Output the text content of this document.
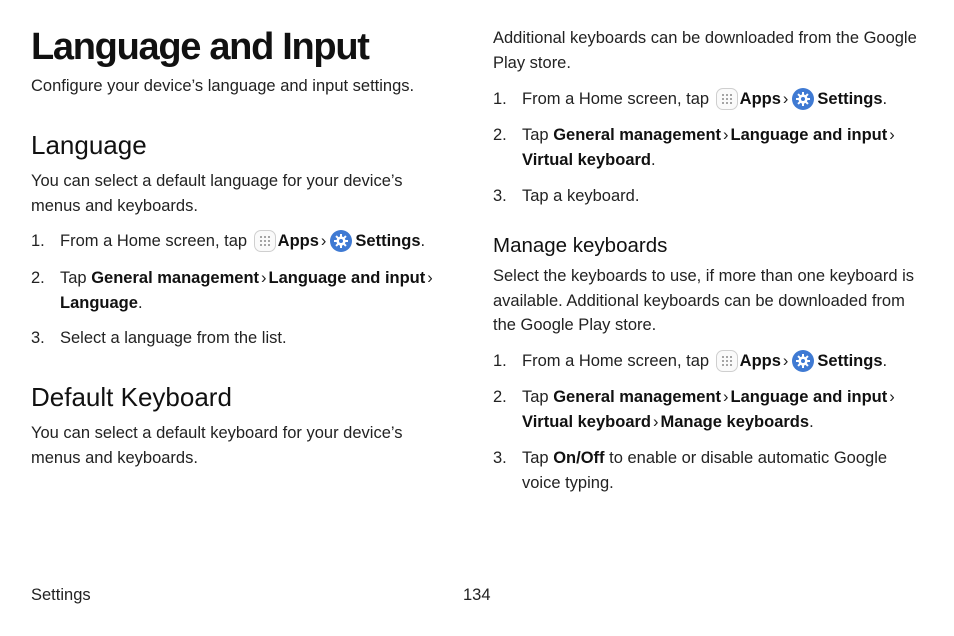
Language and Input

Configure your device’s language and input settings.

Language

You can select a default language for your device’s menus and keyboards.

1. From a Home screen, tap Apps › Settings.
2. Tap General management › Language and input ›
Language.
3. Select a language from the list.
Default Keyboard

You can select a default keyboard for your device’s menus and keyboards.

Additional keyboards can be downloaded from the Google Play store.

1. From a Home screen, tap Apps › Settings.
2. Tap General management › Language and input ›
Virtual keyboard.
3. Tap a keyboard.
Manage keyboards

Select the keyboards to use, if more than one keyboard is available. Additional keyboards can be downloaded from the Google Play store.

1. From a Home screen, tap Apps › Settings.
2. Tap General management › Language and input ›
Virtual keyboard › Manage keyboards.
3. Tap On/Off to enable or disable automatic Google voice typing.
Settings	134
